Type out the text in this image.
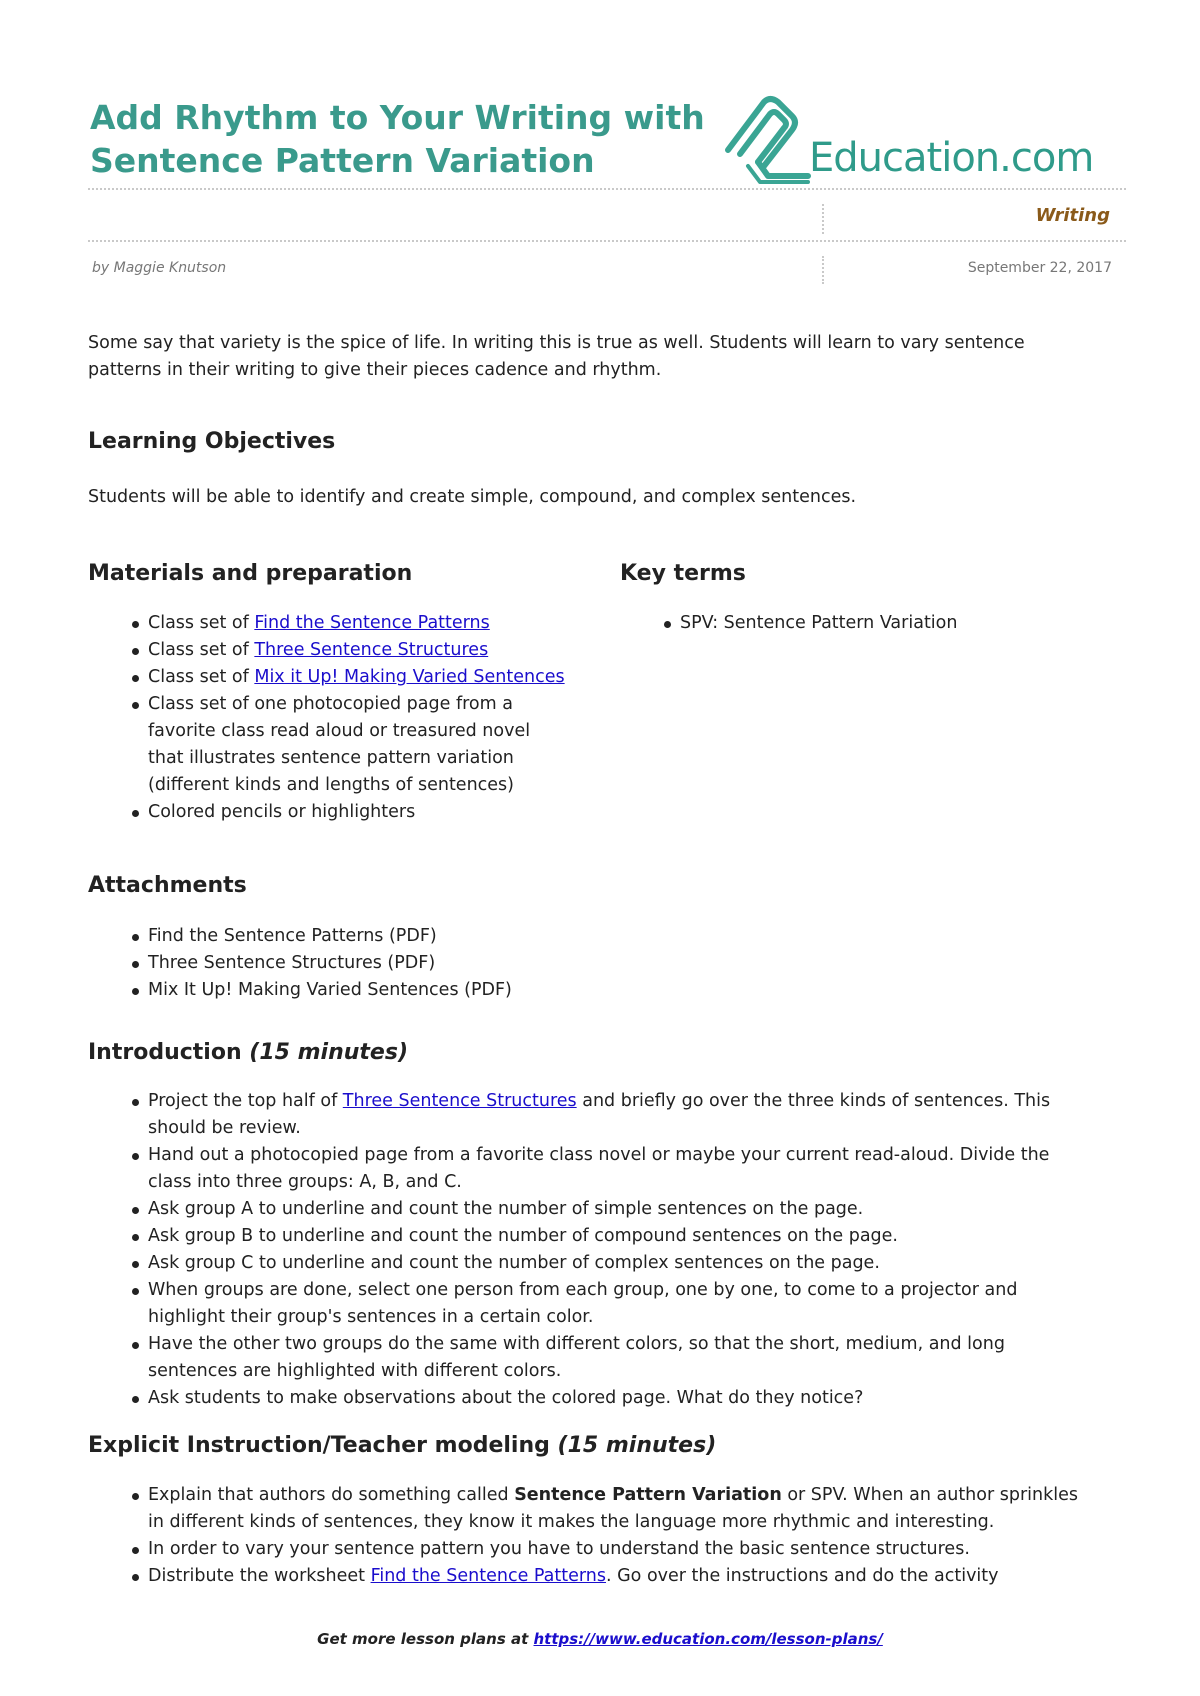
Add Rhythm to Your Writing with
Sentence Pattern Variation	Education.com
Writing
by Maggie Knutson	September 22, 2017
Some say that variety is the spice of life. In writing this is true as well. Students will learn to vary sentence
patterns in their writing to give their pieces cadence and rhythm.
Learning Objectives
Students will be able to identify and create simple, compound, and complex sentences.
Materials and preparation
Class set of Find the Sentence Patterns
Class set of Three Sentence Structures
Class set of Mix it Up! Making Varied Sentences
Class set of one photocopied page from a
favorite class read aloud or treasured novel
that illustrates sentence pattern variation
(different kinds and lengths of sentences)
Colored pencils or highlighters
Key terms
SPV: Sentence Pattern Variation
Attachments
Find the Sentence Patterns (PDF)
Three Sentence Structures (PDF)
Mix It Up! Making Varied Sentences (PDF)
Introduction (15 minutes)
Project the top half of Three Sentence Structures and briefly go over the three kinds of sentences. This
should be review.
Hand out a photocopied page from a favorite class novel or maybe your current read-aloud. Divide the
class into three groups: A, B, and C.
Ask group A to underline and count the number of simple sentences on the page.
Ask group B to underline and count the number of compound sentences on the page.
Ask group C to underline and count the number of complex sentences on the page.
When groups are done, select one person from each group, one by one, to come to a projector and
highlight their group's sentences in a certain color.
Have the other two groups do the same with different colors, so that the short, medium, and long
sentences are highlighted with different colors.
Ask students to make observations about the colored page. What do they notice?
Explicit Instruction/Teacher modeling (15 minutes)
Explain that authors do something called Sentence Pattern Variation or SPV. When an author sprinkles
in different kinds of sentences, they know it makes the language more rhythmic and interesting.
In order to vary your sentence pattern you have to understand the basic sentence structures.
Distribute the worksheet Find the Sentence Patterns. Go over the instructions and do the activity
Get more lesson plans at https://www.education.com/lesson-plans/
